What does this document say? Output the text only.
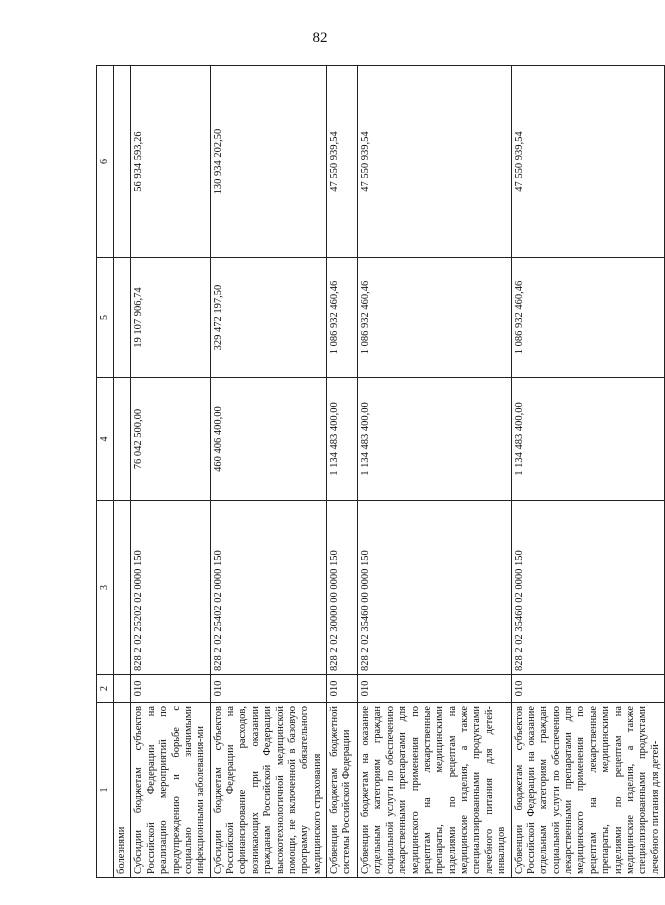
82
1	2	3	4	5	6
болезнями					
Субсидии бюджетам субъектов Российской Федерации на реализацию мероприятий по предупреждению и борьбе с социально значимыми инфекционными заболевания-ми	010	828 2 02 25202 02 0000 150	76 042 500,00	19 107 906,74	56 934 593,26
Субсидии бюджетам субъектов Российской Федерации на софинансирование расходов, возникающих при оказании гражданам Российской Федерации высокотехнологичной медицинской помощи, не включенной в базовую программу обязательного медицинского страхования	010	828 2 02 25402 02 0000 150	460 406 400,00	329 472 197,50	130 934 202,50
Субвенции бюджетам бюджетной системы Российской Федерации	010	828 2 02 30000 00 0000 150	1 134 483 400,00	1 086 932 460,46	47 550 939,54
Субвенции бюджетам на оказание отдельным категориям граждан социальной услуги по обеспечению лекарственными препаратами для медицинского применения по рецептам на лекарственные препараты, медицинскими изделиями по рецептам на медицинские изделия, а также специализированными продуктами лечебного питания для детей-инвалидов	010	828 2 02 35460 00 0000 150	1 134 483 400,00	1 086 932 460,46	47 550 939,54
Субвенции бюджетам субъектов Российской Федерации на оказание отдельным категориям граждан социальной услуги по обеспечению лекарственными препаратами для медицинского применения по рецептам на лекарственные препараты, медицинскими изделиями по рецептам на медицинские изделия, а также специализированными продуктами лечебного питания для детей-	010	828 2 02 35460 02 0000 150	1 134 483 400,00	1 086 932 460,46	47 550 939,54
